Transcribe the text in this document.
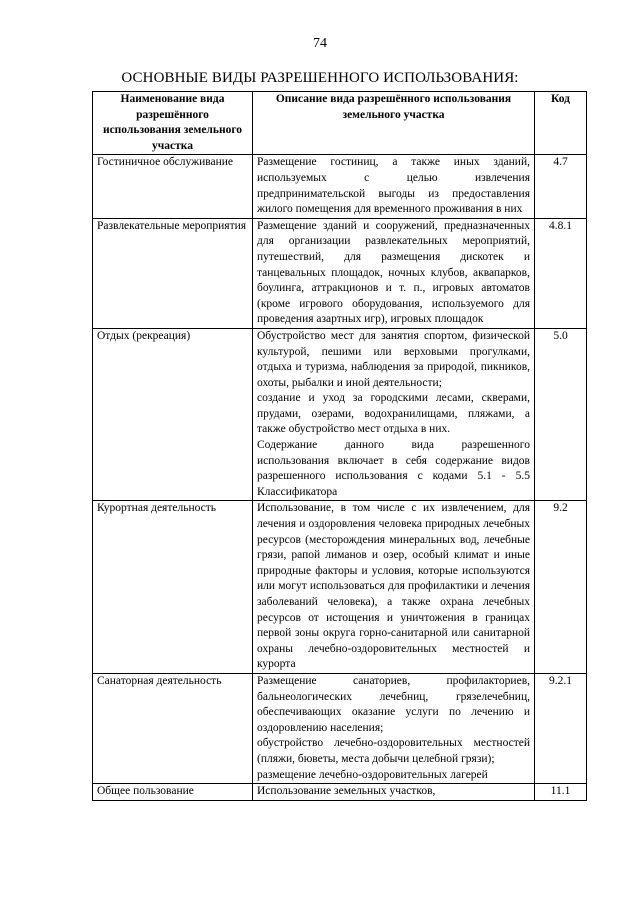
74
ОСНОВНЫЕ ВИДЫ РАЗРЕШЕННОГО ИСПОЛЬЗОВАНИЯ:
Наименование вида разрешённого использования земельного участка	Описание вида разрешённого использования земельного участка	Код
Гостиничное обслуживание	Размещение гостиниц, а также иных зданий, используемых с целью извлечения предпринимательской выгоды из предоставления жилого помещения для временного проживания в них	4.7
Развлекательные мероприятия	Размещение зданий и сооружений, предназначенных для организации развлекательных мероприятий, путешествий, для размещения дискотек и танцевальных площадок, ночных клубов, аквапарков, боулинга, аттракционов и т. п., игровых автоматов (кроме игрового оборудования, используемого для проведения азартных игр), игровых площадок	4.8.1
Отдых (рекреация)	Обустройство мест для занятия спортом, физической культурой, пешими или верховыми прогулками, отдыха и туризма, наблюдения за природой, пикников, охоты, рыбалки и иной деятельности;
создание и уход за городскими лесами, скверами, прудами, озерами, водохранилищами, пляжами, а также обустройство мест отдыха в них.
Содержание данного вида разрешенного использования включает в себя содержание видов разрешенного использования с кодами 5.1 - 5.5 Классификатора	5.0
Курортная деятельность	Использование, в том числе с их извлечением, для лечения и оздоровления человека природных лечебных ресурсов (месторождения минеральных вод, лечебные грязи, рапой лиманов и озер, особый климат и иные природные факторы и условия, которые используются или могут использоваться для профилактики и лечения заболеваний человека), а также охрана лечебных ресурсов от истощения и уничтожения в границах первой зоны округа горно-санитарной или санитарной охраны лечебно-оздоровительных местностей и курорта	9.2
Санаторная деятельность	Размещение санаториев, профилакториев, бальнеологических лечебниц, грязелечебниц, обеспечивающих оказание услуги по лечению и оздоровлению населения;
обустройство лечебно-оздоровительных местностей (пляжи, бюветы, места добычи целебной грязи);
размещение лечебно-оздоровительных лагерей	9.2.1
Общее пользование	Использование земельных участков,	11.1
